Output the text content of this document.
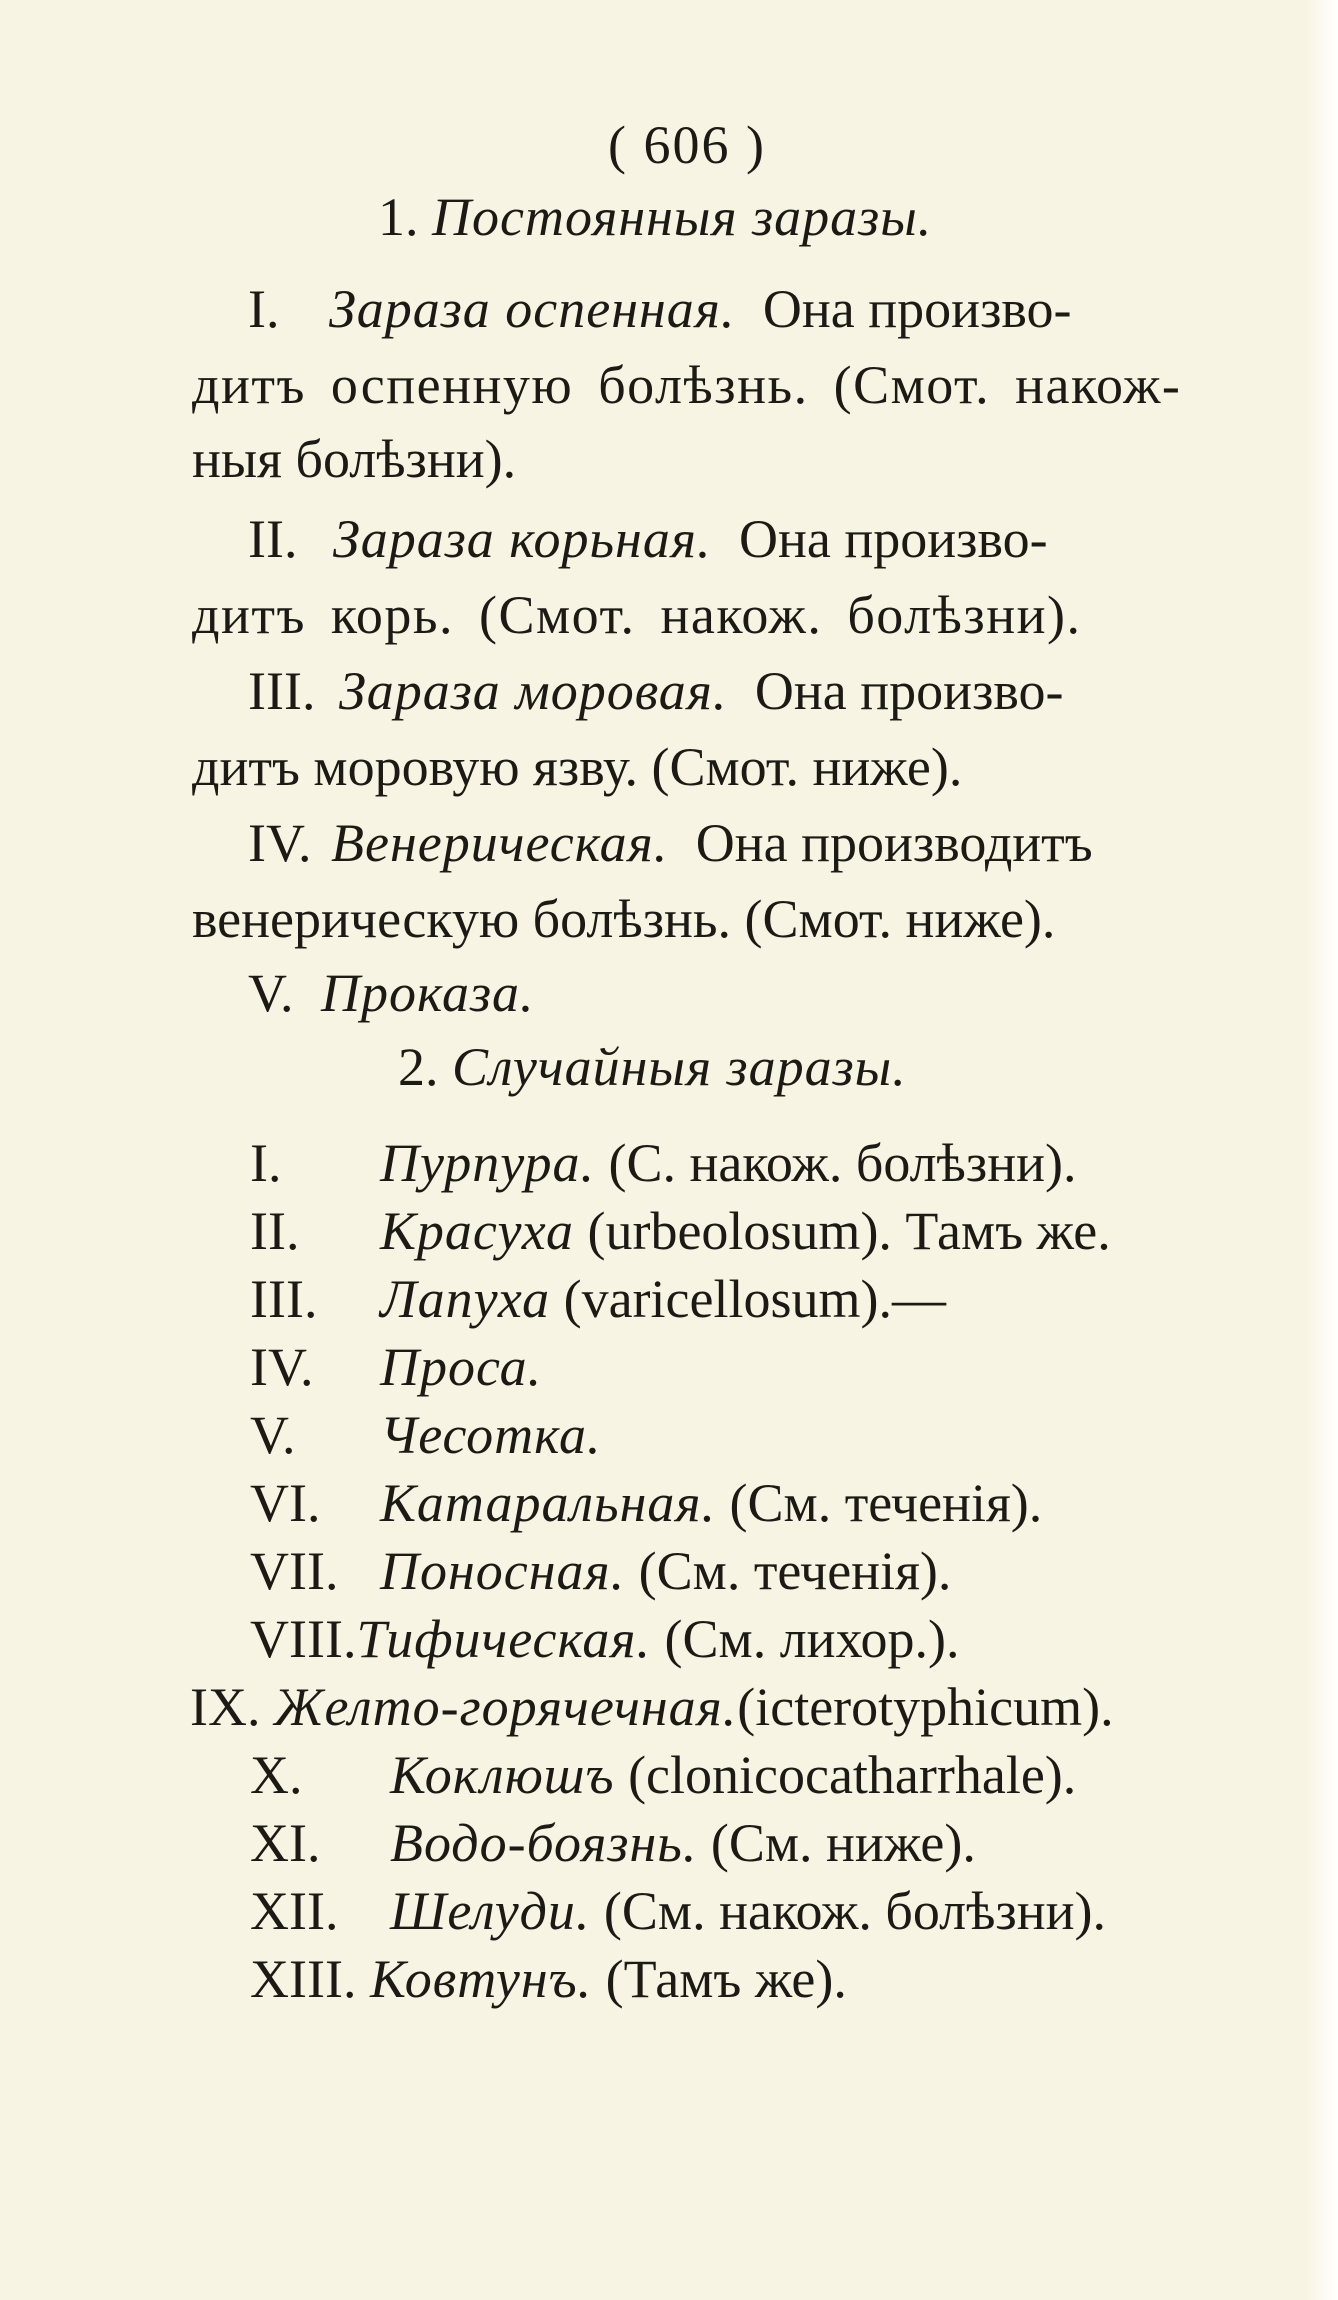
( 606 )
1. Постоянныя заразы.
I. Зараза оспенная. Она произво-
дитъ оспенную болѣзнь. (Смот. накож-
ныя болѣзни).
II. Зараза корьная. Она произво-
дитъ корь. (Смот. накож. болѣзни).
III. Зараза моровая. Она произво-
дитъ моровую язву. (Смот. ниже).
IV. Венерическая. Она производитъ
венерическую болѣзнь. (Смот. ниже).
V. Проказа.
2. Случайныя заразы.
I. Пурпура. (С. накож. болѣзни).
II. Красуха (urbeolosum). Тамъ же.
III. Лапуха (varicellosum).—
IV. Проса.
V. Чесотка.
VI. Катаральная. (См. теченія).
VII. Поносная. (См. теченія).
VIII.Тифическая. (См. лихор.).
IX. Желто-горячечная.(icterotyphicum).
X. Коклюшъ (clonicocatharrhale).
XI. Водо-боязнь. (См. ниже).
XII. Шелуди. (См. накож. болѣзни).
XIII. Ковтунъ. (Тамъ же).
